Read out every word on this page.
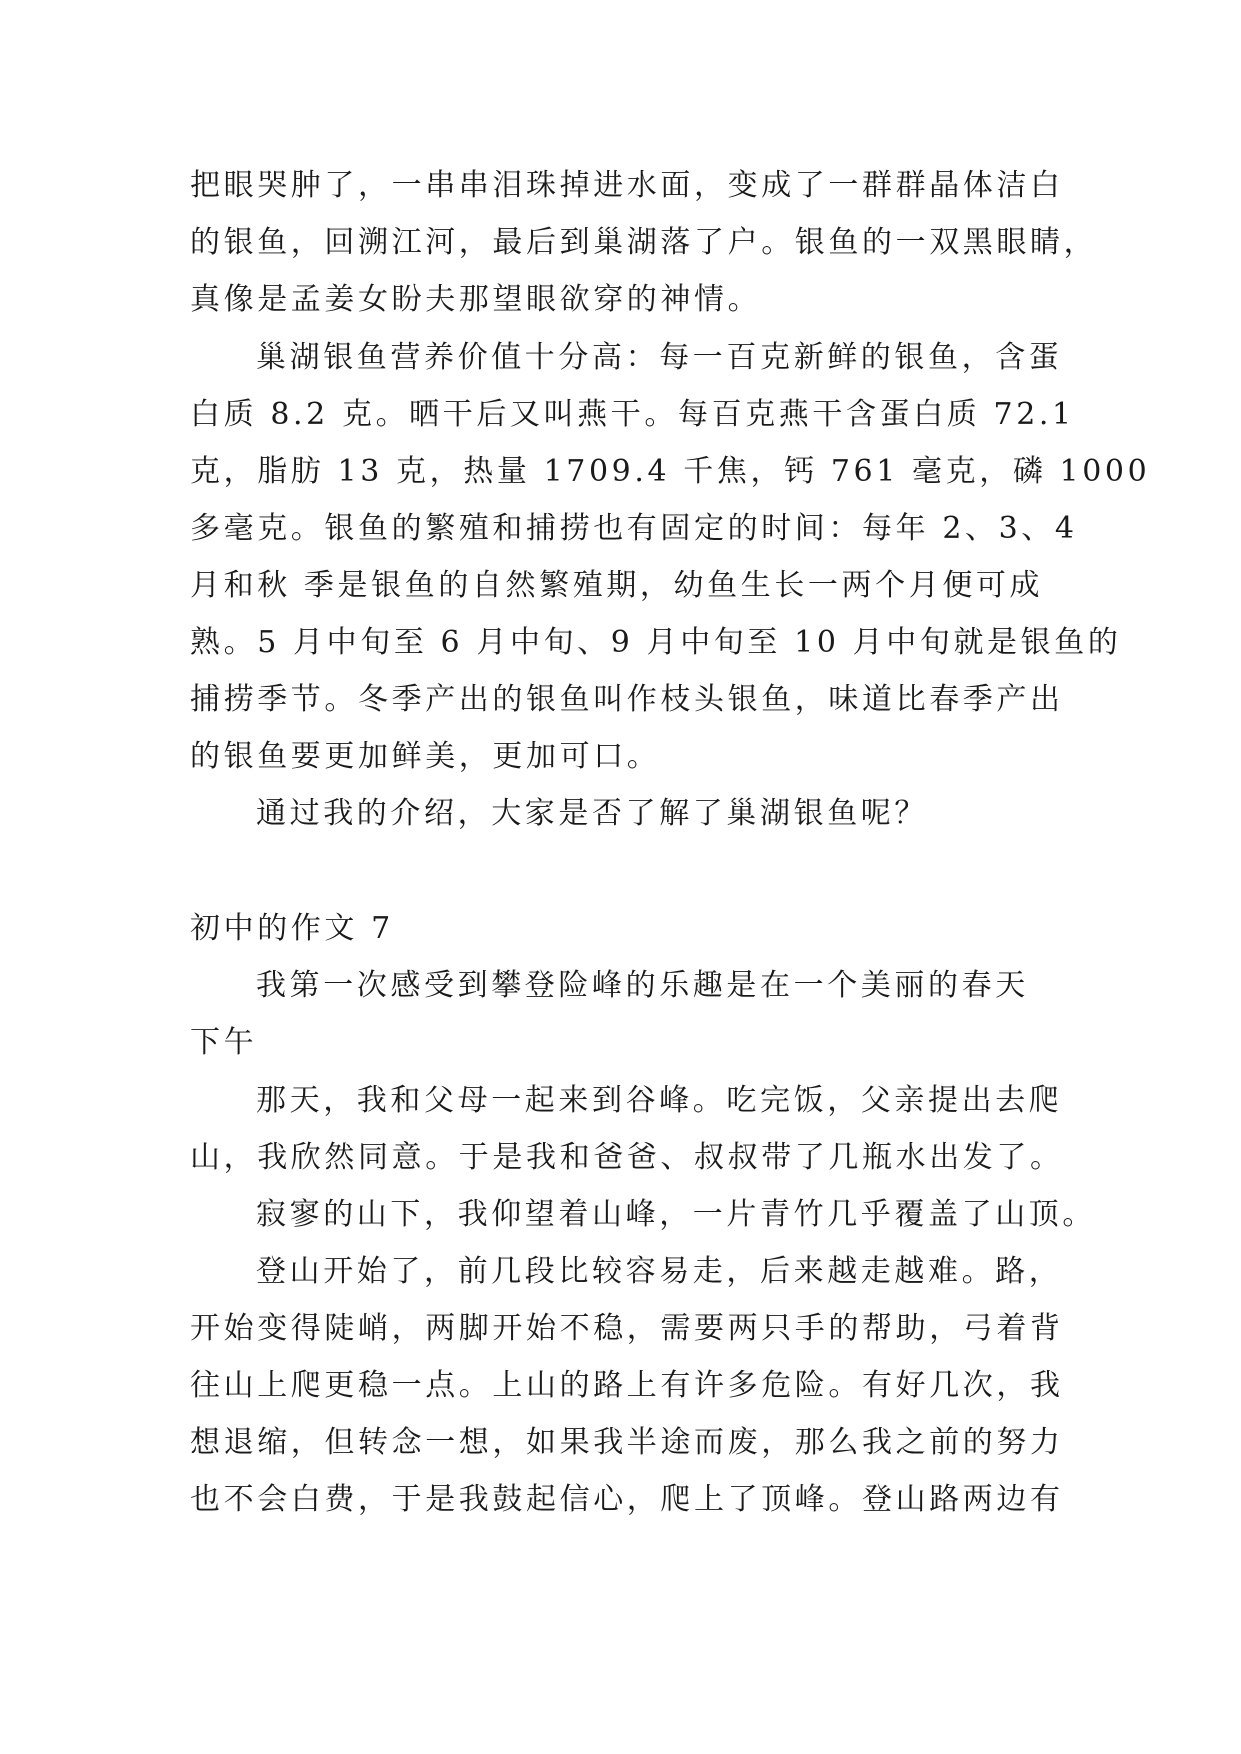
把眼哭肿了，一串串泪珠掉进水面，变成了一群群晶体洁白
的银鱼，回溯江河，最后到巢湖落了户。银鱼的一双黑眼睛，
真像是孟姜女盼夫那望眼欲穿的神情。
巢湖银鱼营养价值十分高：每一百克新鲜的银鱼，含蛋
白质 8.2 克。晒干后又叫燕干。每百克燕干含蛋白质 72.1
克，脂肪 13 克，热量 1709.4 千焦，钙 761 毫克，磷 1000
多毫克。银鱼的繁殖和捕捞也有固定的时间：每年 2、3、4
月和秋 季是银鱼的自然繁殖期，幼鱼生长一两个月便可成
熟。5 月中旬至 6 月中旬、9 月中旬至 10 月中旬就是银鱼的
捕捞季节。冬季产出的银鱼叫作枝头银鱼，味道比春季产出
的银鱼要更加鲜美，更加可口。
通过我的介绍，大家是否了解了巢湖银鱼呢？
初中的作文 7
我第一次感受到攀登险峰的乐趣是在一个美丽的春天
下午
那天，我和父母一起来到谷峰。吃完饭，父亲提出去爬
山，我欣然同意。于是我和爸爸、叔叔带了几瓶水出发了。
寂寥的山下，我仰望着山峰，一片青竹几乎覆盖了山顶。
登山开始了，前几段比较容易走，后来越走越难。路，
开始变得陡峭，两脚开始不稳，需要两只手的帮助，弓着背
往山上爬更稳一点。上山的路上有许多危险。有好几次，我
想退缩，但转念一想，如果我半途而废，那么我之前的努力
也不会白费，于是我鼓起信心，爬上了顶峰。登山路两边有
